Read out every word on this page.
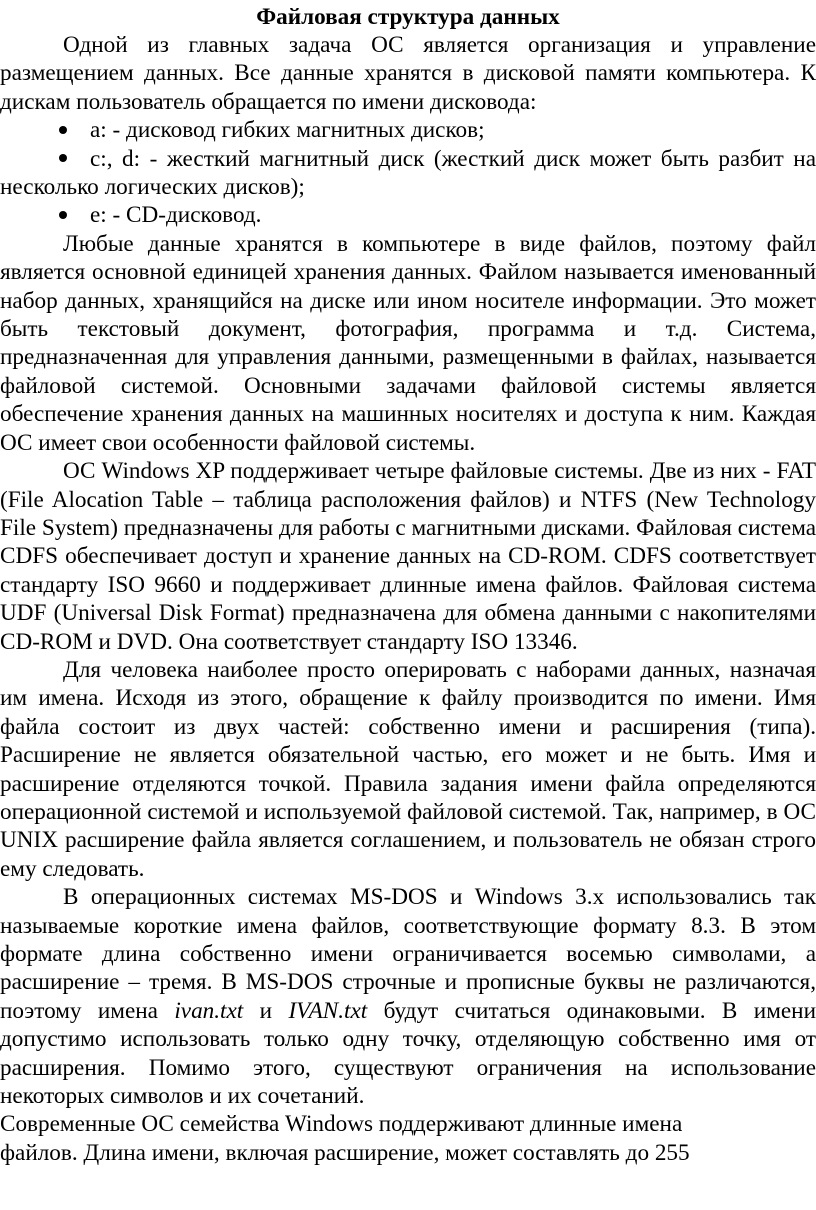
Файловая структура данных

Одной из главных задача ОС является организация и управление размещением данных. Все данные хранятся в дисковой памяти компьютера. К дискам пользователь обращается по имени дисковода:

a: - дисковод гибких магнитных дисков;

c:, d: - жесткий магнитный диск (жесткий диск может быть разбит на несколько логических дисков);

e: - CD-дисковод.

Любые данные хранятся в компьютере в виде файлов, поэтому файл является основной единицей хранения данных. Файлом называется именованный набор данных, хранящийся на диске или ином носителе информации. Это может быть текстовый документ, фотография, программа и т.д. Система, предназначенная для управления данными, размещенными в файлах, называется файловой системой. Основными задачами файловой системы является обеспечение хранения данных на машинных носителях и доступа к ним. Каждая ОС имеет свои особенности файловой системы.

ОС Windows XP поддерживает четыре файловые системы. Две из них - FAT (File Alocation Table – таблица расположения файлов) и NTFS (New Technology File System) предназначены для работы с магнитными дисками. Файловая система CDFS обеспечивает доступ и хранение данных на CD-ROM. CDFS соответствует стандарту ISO 9660 и поддерживает длинные имена файлов. Файловая система UDF (Universal Disk Format) предназначена для обмена данными с накопителями CD-ROM и DVD. Она соответствует стандарту ISO 13346.

Для человека наиболее просто оперировать с наборами данных, назначая им имена. Исходя из этого, обращение к файлу производится по имени. Имя файла состоит из двух частей: собственно имени и расширения (типа). Расширение не является обязательной частью, его может и не быть. Имя и расширение отделяются точкой. Правила задания имени файла определяются операционной системой и используемой файловой системой. Так, например, в ОС UNIX расширение файла является соглашением, и пользователь не обязан строго ему следовать.

В операционных системах MS-DOS и Windows 3.x использовались так называемые короткие имена файлов, соответствующие формату 8.3. В этом формате длина собственно имени ограничивается восемью символами, а расширение – тремя. В MS-DOS строчные и прописные буквы не различаются, поэтому имена ivan.txt и IVAN.txt будут считаться одинаковыми. В имени допустимо использовать только одну точку, отделяющую собственно имя от расширения. Помимо этого, существуют ограничения на использование некоторых символов и их сочетаний.

Современные ОС семейства Windows поддерживают длинные имена

файлов. Длина имени, включая расширение, может составлять до 255
